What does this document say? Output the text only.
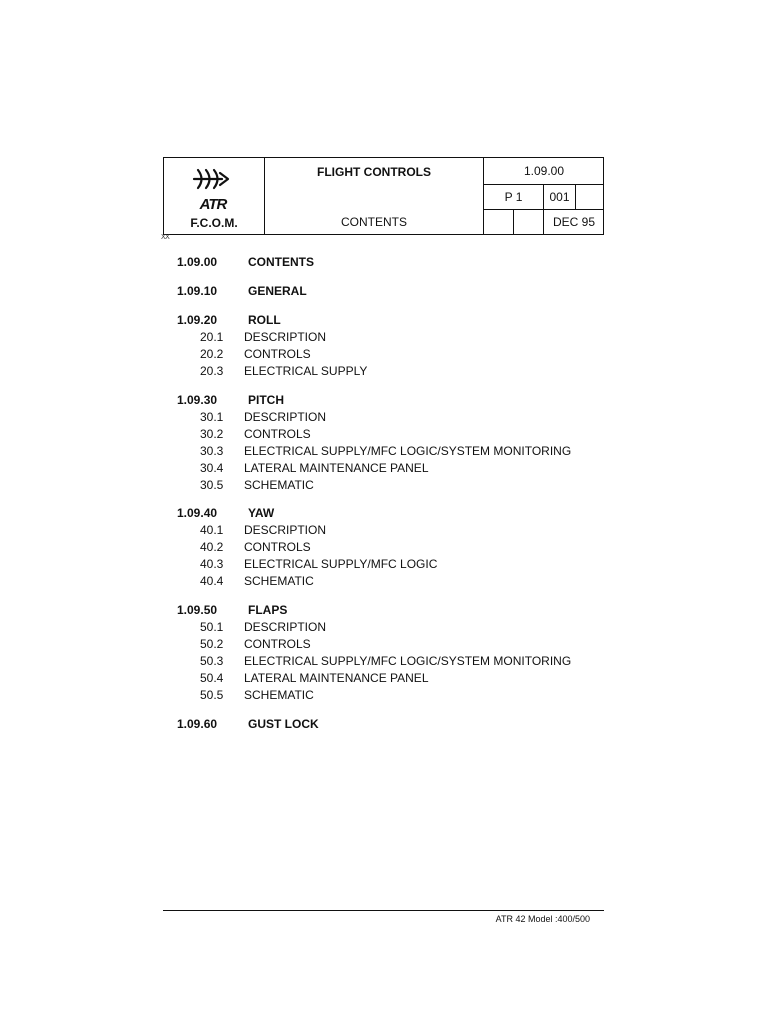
ATR
F.C.O.M.
FLIGHT CONTROLS
CONTENTS
1.09.00
P 1	001
DEC 95
XX
1.09.00	CONTENTS
1.09.10	GENERAL
1.09.20	ROLL
20.1 DESCRIPTION
20.2 CONTROLS
20.3 ELECTRICAL SUPPLY
1.09.30	PITCH
30.1 DESCRIPTION
30.2 CONTROLS
30.3 ELECTRICAL SUPPLY/MFC LOGIC/SYSTEM MONITORING
30.4 LATERAL MAINTENANCE PANEL
30.5 SCHEMATIC
1.09.40	YAW
40.1 DESCRIPTION
40.2 CONTROLS
40.3 ELECTRICAL SUPPLY/MFC LOGIC
40.4 SCHEMATIC
1.09.50	FLAPS
50.1 DESCRIPTION
50.2 CONTROLS
50.3 ELECTRICAL SUPPLY/MFC LOGIC/SYSTEM MONITORING
50.4 LATERAL MAINTENANCE PANEL
50.5 SCHEMATIC
1.09.60	GUST LOCK
ATR 42 Model :400/500
